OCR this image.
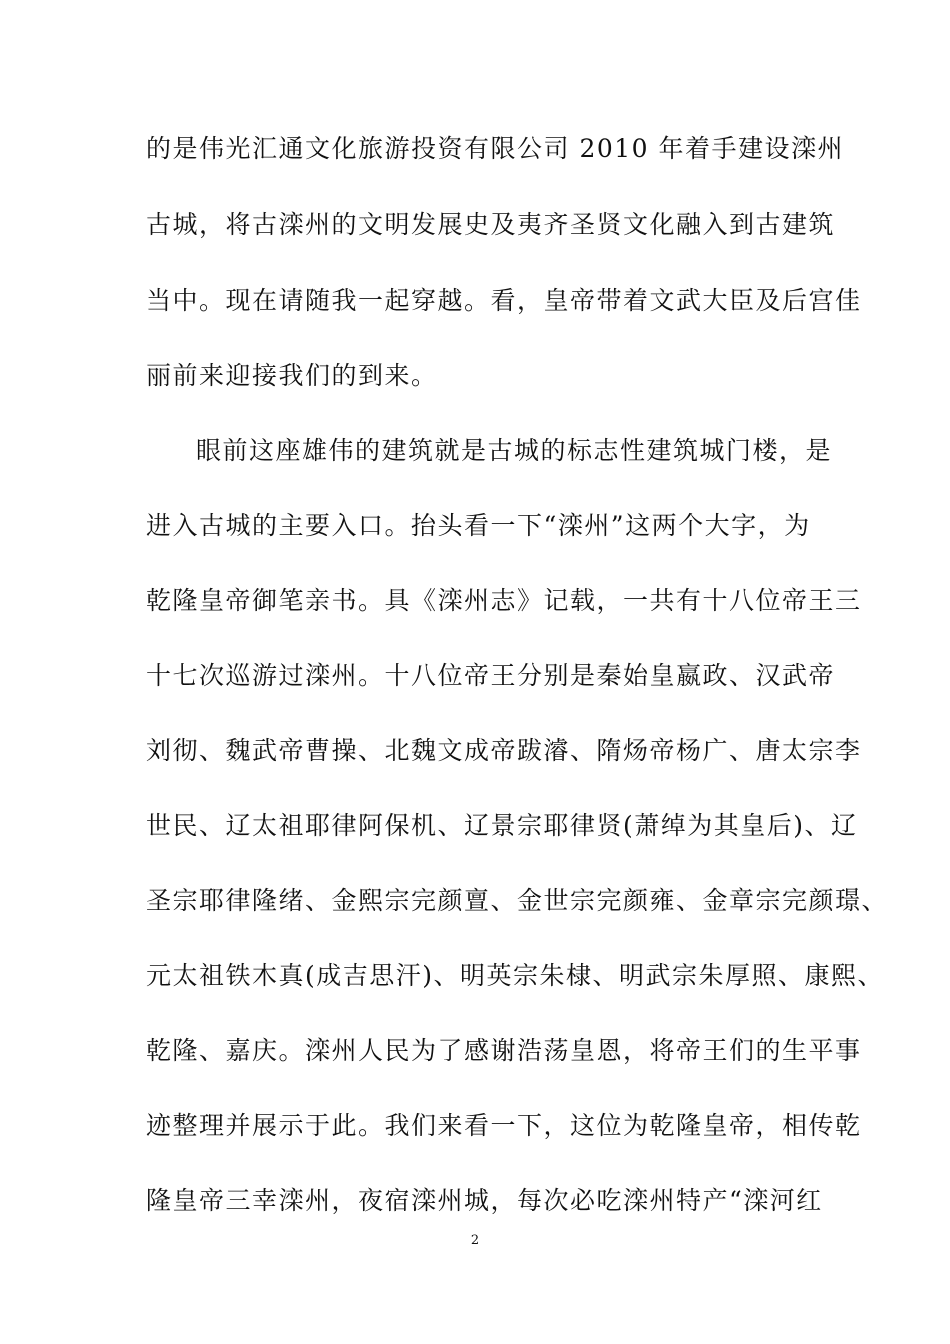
的是伟光汇通文化旅游投资有限公司 2010 年着手建设滦州
古城，将古滦州的文明发展史及夷齐圣贤文化融入到古建筑
当中。现在请随我一起穿越。看，皇帝带着文武大臣及后宫佳
丽前来迎接我们的到来。
眼前这座雄伟的建筑就是古城的标志性建筑城门楼，是
进入古城的主要入口。抬头看一下“滦州”这两个大字，为
乾隆皇帝御笔亲书。具《滦州志》记载，一共有十八位帝王三
十七次巡游过滦州。十八位帝王分别是秦始皇嬴政、汉武帝
刘彻、魏武帝曹操、北魏文成帝跋濬、隋炀帝杨广、唐太宗李
世民、辽太祖耶律阿保机、辽景宗耶律贤(萧绰为其皇后)、辽
圣宗耶律隆绪、金熙宗完颜亶、金世宗完颜雍、金章宗完颜璟、
元太祖铁木真(成吉思汗)、明英宗朱棣、明武宗朱厚照、康熙、
乾隆、嘉庆。滦州人民为了感谢浩荡皇恩，将帝王们的生平事
迹整理并展示于此。我们来看一下，这位为乾隆皇帝，相传乾
隆皇帝三幸滦州，夜宿滦州城，每次必吃滦州特产“滦河红
2
